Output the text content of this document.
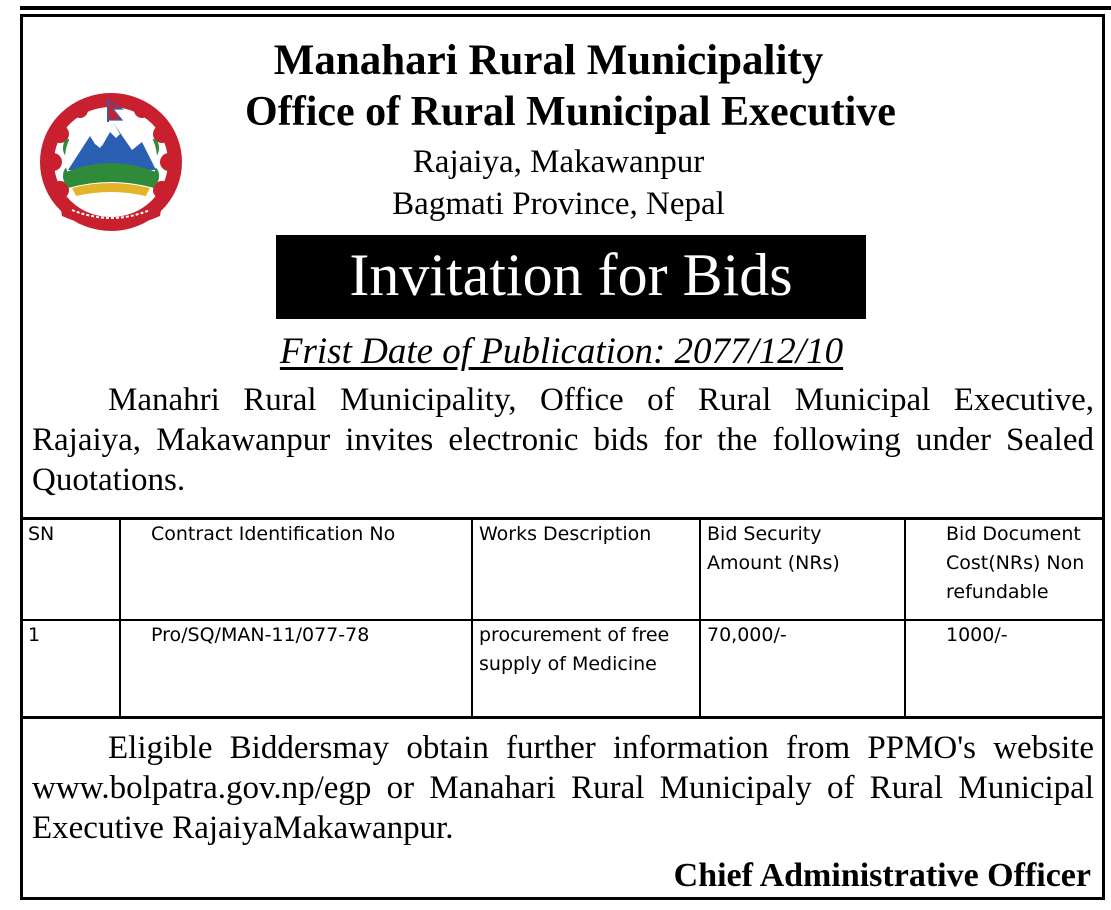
Manahari Rural Municipality
Office of Rural Municipal Executive
Rajaiya, Makawanpur
Bagmati Province, Nepal
Invitation for Bids
Frist Date of Publication: 2077/12/10
Manahri Rural Municipality, Office of Rural Municipal Executive, Rajaiya, Makawanpur invites electronic bids for the following under Sealed Quotations.
SN	Contract Identification No	Works Description	Bid Security Amount (NRs)	Bid Document Cost(NRs) Non refundable
1	Pro/SQ/MAN-11/077-78	procurement of free supply of Medicine	70,000/-	1000/-
Eligible Biddersmay obtain further information from PPMO's website www.bolpatra.gov.np/egp or Manahari Rural Municipaly of Rural Municipal Executive RajaiyaMakawanpur.
Chief Administrative Officer
